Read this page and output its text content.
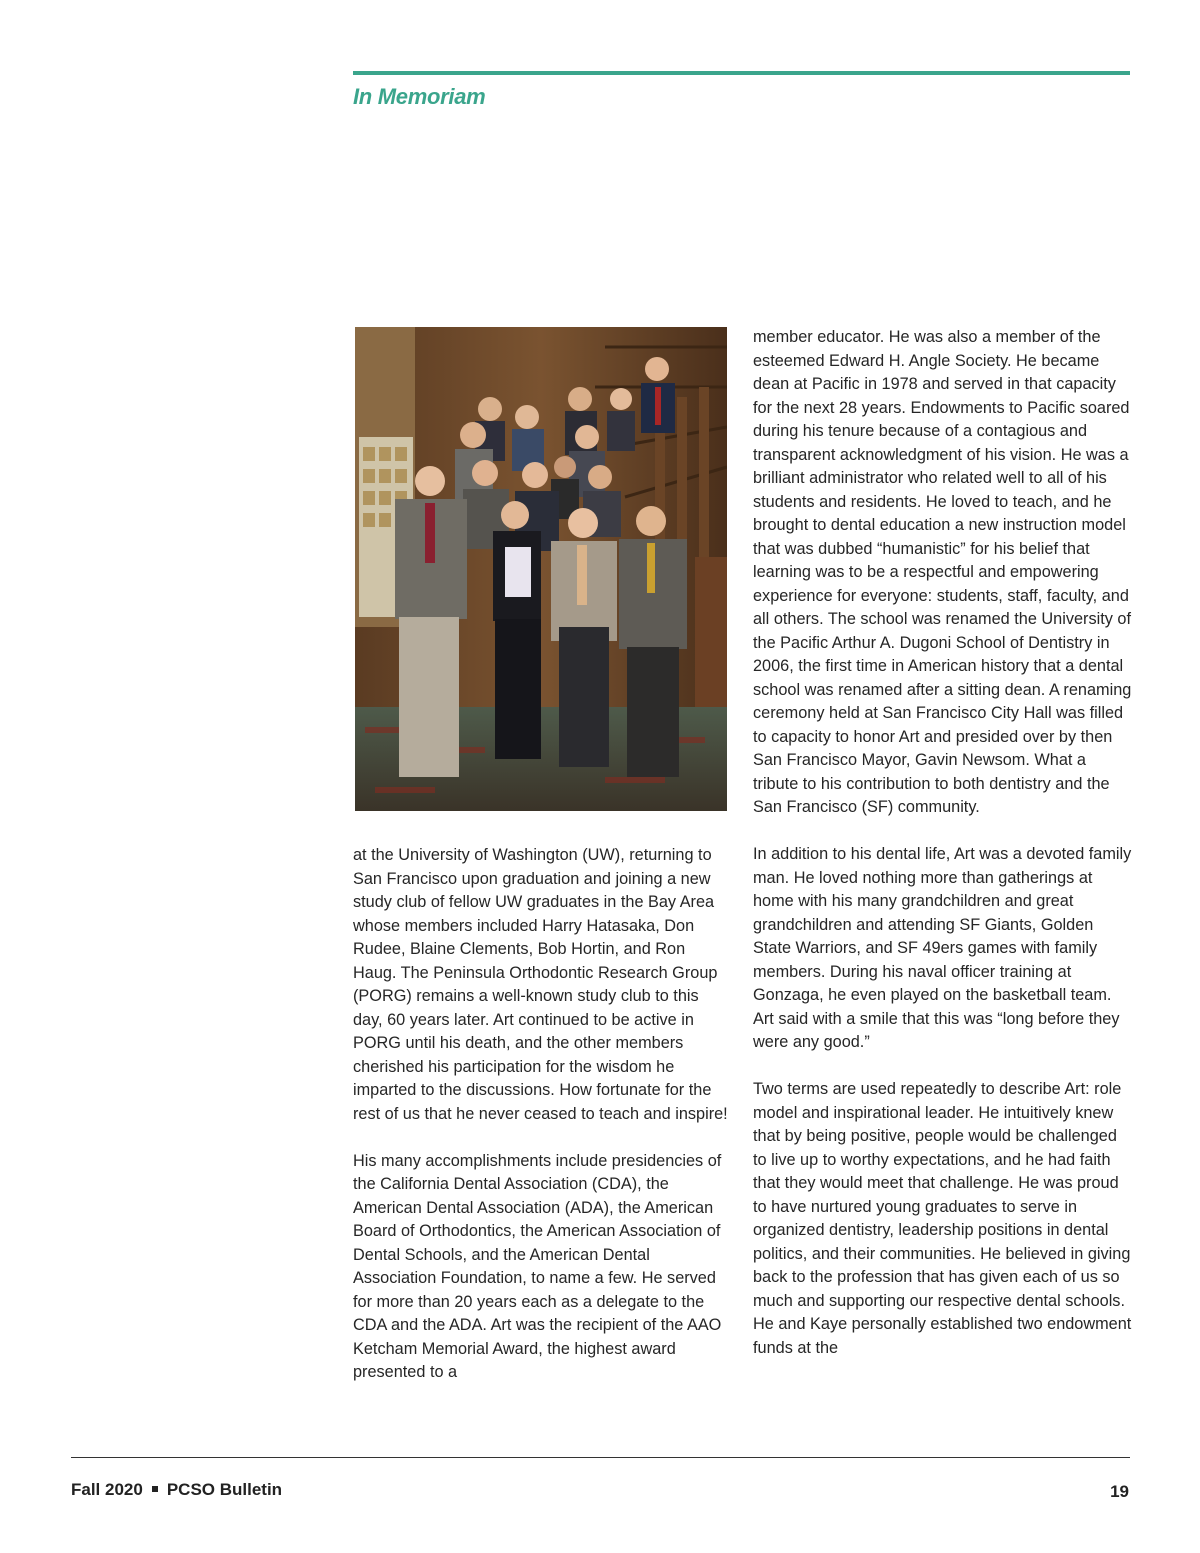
In Memoriam

at the University of Washington (UW), returning to San Francisco upon graduation and joining a new study club of fellow UW graduates in the Bay Area whose members included Harry Hatasaka, Don Rudee, Blaine Clements, Bob Hortin, and Ron Haug. The Peninsula Orthodontic Research Group (PORG) remains a well-known study club to this day, 60 years later. Art continued to be active in PORG until his death, and the other members cherished his participation for the wisdom he imparted to the discussions. How fortunate for the rest of us that he never ceased to teach and inspire!

His many accomplishments include presidencies of the California Dental Association (CDA), the American Dental Association (ADA), the American Board of Orthodontics, the American Association of Dental Schools, and the American Dental Association Foundation, to name a few. He served for more than 20 years each as a delegate to the CDA and the ADA. Art was the recipient of the AAO Ketcham Memorial Award, the highest award presented to a

member educator. He was also a member of the esteemed Edward H. Angle Society. He became dean at Pacific in 1978 and served in that capacity for the next 28 years. Endowments to Pacific soared during his tenure because of a contagious and transparent acknowledgment of his vision. He was a brilliant administrator who related well to all of his students and residents. He loved to teach, and he brought to dental education a new instruction model that was dubbed “humanistic” for his belief that learning was to be a respectful and empowering experience for everyone: students, staff, faculty, and all others. The school was renamed the University of the Pacific Arthur A. Dugoni School of Dentistry in 2006, the first time in American history that a dental school was renamed after a sitting dean. A renaming ceremony held at San Francisco City Hall was filled to capacity to honor Art and presided over by then San Francisco Mayor, Gavin Newsom. What a tribute to his contribution to both dentistry and the San Francisco (SF) community.

In addition to his dental life, Art was a devoted family man. He loved nothing more than gatherings at home with his many grandchildren and great grandchildren and attending SF Giants, Golden State Warriors, and SF 49ers games with family members. During his naval officer training at Gonzaga, he even played on the basketball team. Art said with a smile that this was “long before they were any good.”

Two terms are used repeatedly to describe Art: role model and inspirational leader. He intuitively knew that by being positive, people would be challenged to live up to worthy expectations, and he had faith that they would meet that challenge. He was proud to have nurtured young graduates to serve in organized dentistry, leadership positions in dental politics, and their communities. He believed in giving back to the profession that has given each of us so much and supporting our respective dental schools. He and Kaye personally established two endowment funds at the

Fall 2020 PCSO Bulletin	19
